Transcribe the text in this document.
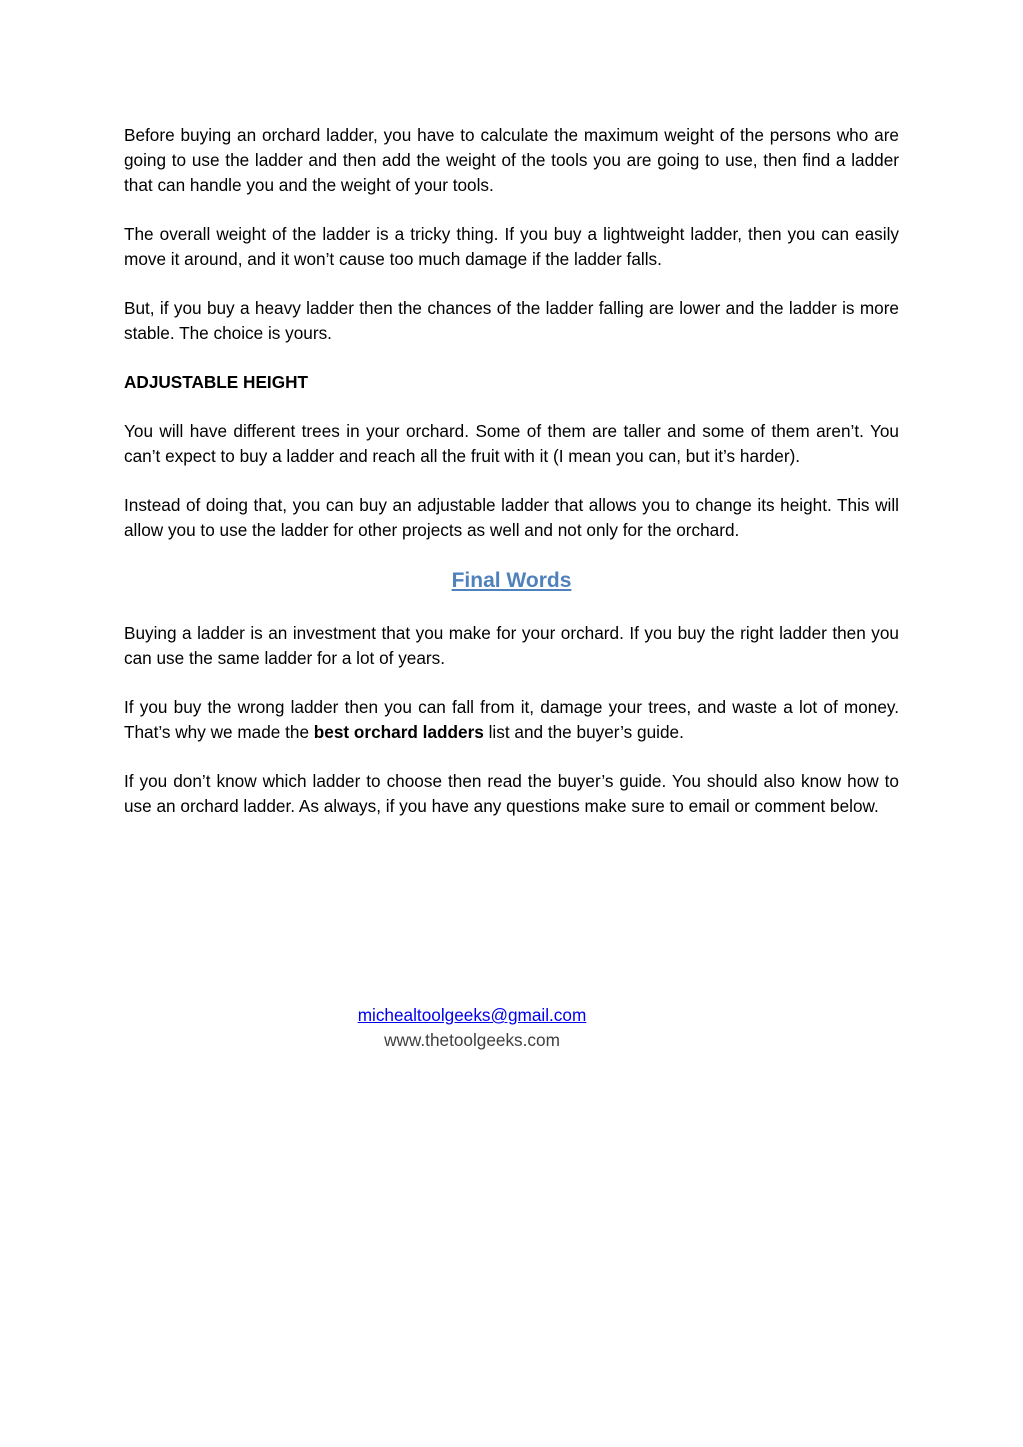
Before buying an orchard ladder, you have to calculate the maximum weight of the persons who are going to use the ladder and then add the weight of the tools you are going to use, then find a ladder that can handle you and the weight of your tools.

The overall weight of the ladder is a tricky thing. If you buy a lightweight ladder, then you can easily move it around, and it won’t cause too much damage if the ladder falls.

But, if you buy a heavy ladder then the chances of the ladder falling are lower and the ladder is more stable. The choice is yours.

ADJUSTABLE HEIGHT

You will have different trees in your orchard. Some of them are taller and some of them aren’t. You can’t expect to buy a ladder and reach all the fruit with it (I mean you can, but it’s harder).

Instead of doing that, you can buy an adjustable ladder that allows you to change its height. This will allow you to use the ladder for other projects as well and not only for the orchard.

Final Words

Buying a ladder is an investment that you make for your orchard. If you buy the right ladder then you can use the same ladder for a lot of years.

If you buy the wrong ladder then you can fall from it, damage your trees, and waste a lot of money. That’s why we made the best orchard ladders list and the buyer’s guide.

If you don’t know which ladder to choose then read the buyer’s guide. You should also know how to use an orchard ladder. As always, if you have any questions make sure to email or comment below.

michealtoolgeeks@gmail.com
www.thetoolgeeks.com
